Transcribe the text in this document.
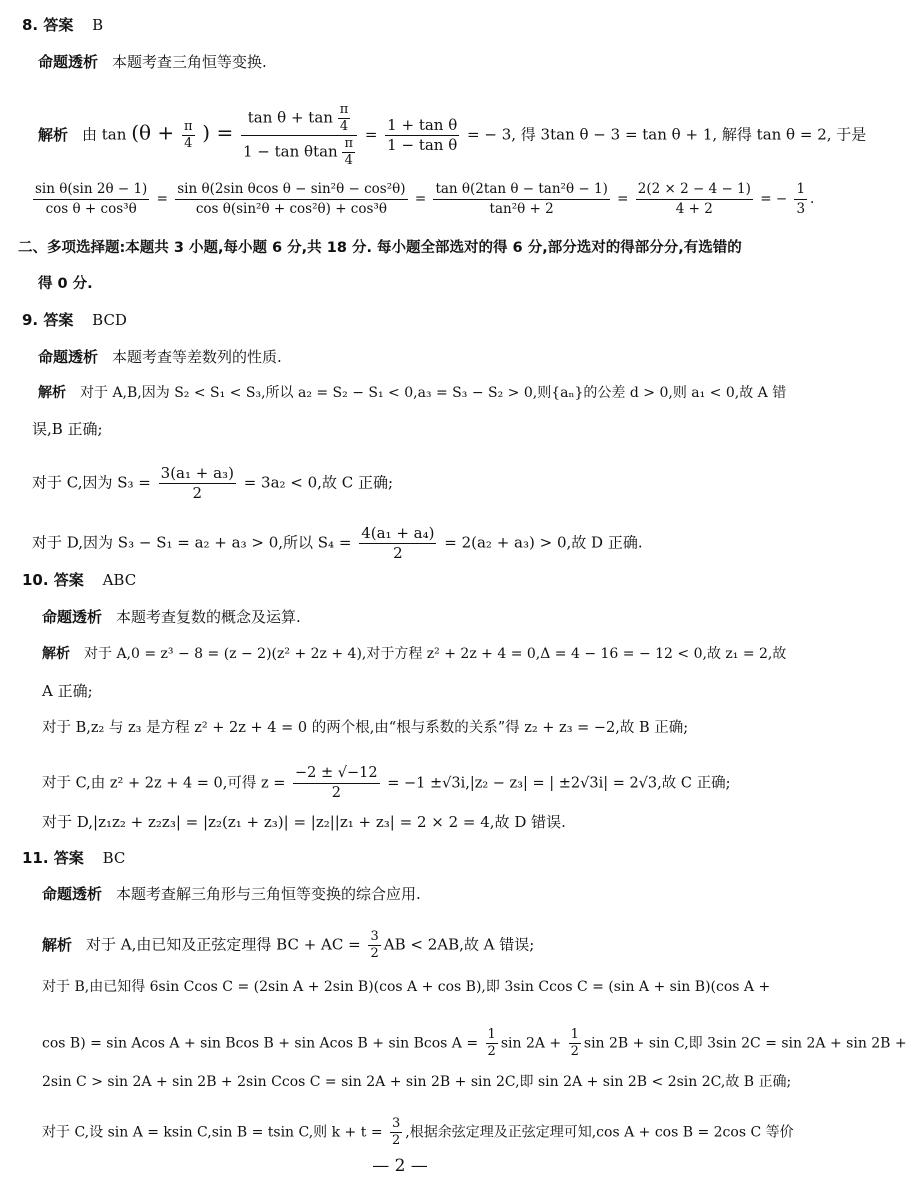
8. 答案 B
命题透析 本题考查三角恒等变换.
解析 由 $\tan (\theta + \frac{\pi}{4}$ ) = $\frac{\tan \theta + \tan \frac{\pi}{4}}{1 - \tan \theta\tan \frac{\pi}{4}} = \frac{\text{1 + tan θ}}{\text{1 − tan θ}}$ = − 3, 得 3tan θ − 3 = tan θ + 1, 解得 tan θ = 2, 于是
$\frac{\text{sin θ(sin 2θ − 1)}}{\text{cos θ + cos³θ}} = \frac{\text{sin θ(2sin θcos θ − sin²θ − cos²θ)}}{\text{cos θ(sin²θ + cos²θ) + cos³θ}} = \frac{\text{tan θ(2tan θ − tan²θ − 1)}}{\text{tan²θ + 2}} = \frac{2(2 \times 2 - 4 - 1)}{4 + 2}$ = − $\frac{1}{3}$ .
二、多项选择题:本题共 3 小题,每小题 6 分,共 18 分. 每小题全部选对的得 6 分,部分选对的得部分分,有选错的
得 0 分.
9. 答案 BCD
命题透析 本题考查等差数列的性质.
解析 对于 A,B,因为 S₂ < S₁ < S₃,所以 a₂ = S₂ − S₁ < 0,a₃ = S₃ − S₂ > 0,则{aₙ}的公差 d > 0,则 a₁ < 0,故 A 错
误,B 正确;
对于 C,因为 $S_3 = \frac{\text{3(a₁ + a₃)}}{2} = 3a_2 < 0$,故 C 正确;
对于 D,因为 S₃ − S₁ = a₂ + a₃ > 0,所以 $S_4 = \frac{\text{4(a₁ + a₄)}}{2} = 2(a_2 + a_3) > 0$,故 D 正确.
10. 答案 ABC
命题透析 本题考查复数的概念及运算.
解析 对于 A,0 = z³ − 8 = (z − 2)(z² + 2z + 4),对于方程 z² + 2z + 4 = 0,Δ = 4 − 16 = − 12 < 0,故 z₁ = 2,故
A 正确;
对于 B,z₂ 与 z₃ 是方程 z² + 2z + 4 = 0 的两个根,由“根与系数的关系”得 z₂ + z₃ = −2,故 B 正确;
对于 C,由 z² + 2z + 4 = 0,可得 $z = \frac{-2 \pm √-12}{2} = -1 \pm√3i,|z_2 - z_3|$ = | ±2√3i| = 2√3,故 C 正确;
对于 D,|z₁z₂ + z₂z₃| = |z₂(z₁ + z₃)| = |z₂||z₁ + z₃| = 2 × 2 = 4,故 D 错误.
11. 答案 BC
命题透析 本题考查解三角形与三角恒等变换的综合应用.
解析 对于 A,由已知及正弦定理得 BC + AC = $\frac{3}{2}$ AB < 2AB,故 A 错误;
对于 B,由已知得 6sin Ccos C = (2sin A + 2sin B)(cos A + cos B),即 3sin Ccos C = (sin A + sin B)(cos A +
cos B) = sin Acos A + sin Bcos B + sin Acos B + sin Bcos $A = \frac{1}{2}$ $\sin 2A + \frac{1}{2}$ sin 2B + sin C,即 3sin 2C = sin 2A + sin 2B +
2sin C > sin 2A + sin 2B + 2sin Ccos C = sin 2A + sin 2B + sin 2C,即 sin 2A + sin 2B < 2sin 2C,故 B 正确;
对于 C,设 sin A = ksin C,sin B = tsin C,则 $k + t = \frac{3}{2}$ ,根据余弦定理及正弦定理可知,cos A + cos B = 2cos C 等价
— 2 —
